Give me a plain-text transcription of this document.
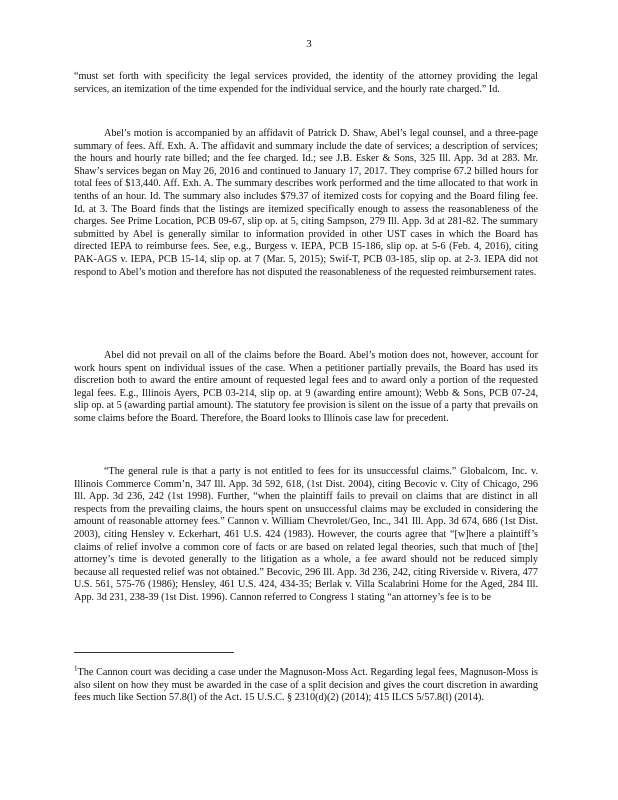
3

“must set forth with specificity the legal services provided, the identity of the attorney providing the legal services, an itemization of the time expended for the individual service, and the hourly rate charged.” Id.

Abel’s motion is accompanied by an affidavit of Patrick D. Shaw, Abel’s legal counsel, and a three-page summary of fees. Aff. Exh. A. The affidavit and summary include the date of services; a description of services; the hours and hourly rate billed; and the fee charged. Id.; see J.B. Esker & Sons, 325 Ill. App. 3d at 283. Mr. Shaw’s services began on May 26, 2016 and continued to January 17, 2017. They comprise 67.2 billed hours for total fees of $13,440. Aff. Exh. A. The summary describes work performed and the time allocated to that work in tenths of an hour. Id. The summary also includes $79.37 of itemized costs for copying and the Board filing fee. Id. at 3. The Board finds that the listings are itemized specifically enough to assess the reasonableness of the charges. See Prime Location, PCB 09-67, slip op. at 5, citing Sampson, 279 Ill. App. 3d at 281-82. The summary submitted by Abel is generally similar to information provided in other UST cases in which the Board has directed IEPA to reimburse fees. See, e.g., Burgess v. IEPA, PCB 15-186, slip op. at 5-6 (Feb. 4, 2016), citing PAK-AGS v. IEPA, PCB 15-14, slip op. at 7 (Mar. 5, 2015); Swif-T, PCB 03-185, slip op. at 2-3. IEPA did not respond to Abel’s motion and therefore has not disputed the reasonableness of the requested reimbursement rates.

Abel did not prevail on all of the claims before the Board. Abel’s motion does not, however, account for work hours spent on individual issues of the case. When a petitioner partially prevails, the Board has used its discretion both to award the entire amount of requested legal fees and to award only a portion of the requested legal fees. E.g., Illinois Ayers, PCB 03-214, slip op. at 9 (awarding entire amount); Webb & Sons, PCB 07-24, slip op. at 5 (awarding partial amount). The statutory fee provision is silent on the issue of a party that prevails on some claims before the Board. Therefore, the Board looks to Illinois case law for precedent.

“The general rule is that a party is not entitled to fees for its unsuccessful claims.” Globalcom, Inc. v. Illinois Commerce Comm’n, 347 Ill. App. 3d 592, 618, (1st Dist. 2004), citing Becovic v. City of Chicago, 296 Ill. App. 3d 236, 242 (1st 1998). Further, “when the plaintiff fails to prevail on claims that are distinct in all respects from the prevailing claims, the hours spent on unsuccessful claims may be excluded in considering the amount of reasonable attorney fees.” Cannon v. William Chevrolet/Geo, Inc., 341 Ill. App. 3d 674, 686 (1st Dist. 2003), citing Hensley v. Eckerhart, 461 U.S. 424 (1983). However, the courts agree that “[w]here a plaintiff’s claims of relief involve a common core of facts or are based on related legal theories, such that much of [the] attorney’s time is devoted generally to the litigation as a whole, a fee award should not be reduced simply because all requested relief was not obtained.” Becovic, 296 Ill. App. 3d 236, 242, citing Riverside v. Rivera, 477 U.S. 561, 575-76 (1986); Hensley, 461 U.S. 424, 434-35; Berlak v. Villa Scalabrini Home for the Aged, 284 Ill. App. 3d 231, 238-39 (1st Dist. 1996). Cannon referred to Congress 1 stating “an attorney’s fee is to be

$^1$The Cannon court was deciding a case under the Magnuson-Moss Act. Regarding legal fees, Magnuson-Moss is also silent on how they must be awarded in the case of a split decision and gives the court discretion in awarding fees much like Section 57.8(l) of the Act. 15 U.S.C. § 2310(d)(2) (2014); 415 ILCS 5/57.8(l) (2014).
